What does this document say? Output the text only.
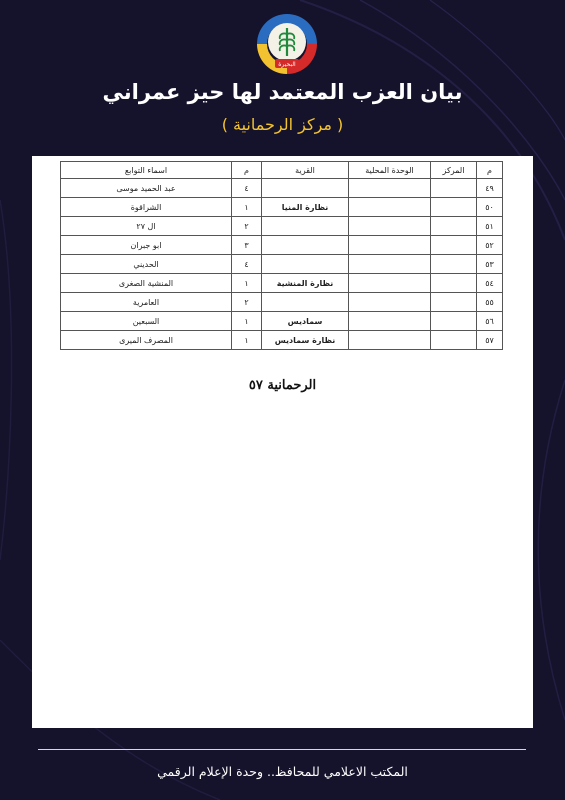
البحيرة
بيان العزب المعتمد لها حيز عمراني
( مركز الرحمانية )
م	المركز	الوحدة المحلية	القرية	م	اسماء التوابع
٤٩				٤	عبد الحميد موسى
٥٠			نظارة المنيا	١	الشراقوة
٥١				٢	ال ٢٧
٥٢				٣	ابو جبران
٥٣				٤	الحديني
٥٤			نظارة المنشية	١	المنشية الصغرى
٥٥				٢	العامرية
٥٦			سماديس	١	السبعين
٥٧			نظارة سماديس	١	المصرف الميرى
الرحمانية ٥٧
المكتب الاعلامي للمحافظ.. وحدة الإعلام الرقمي
